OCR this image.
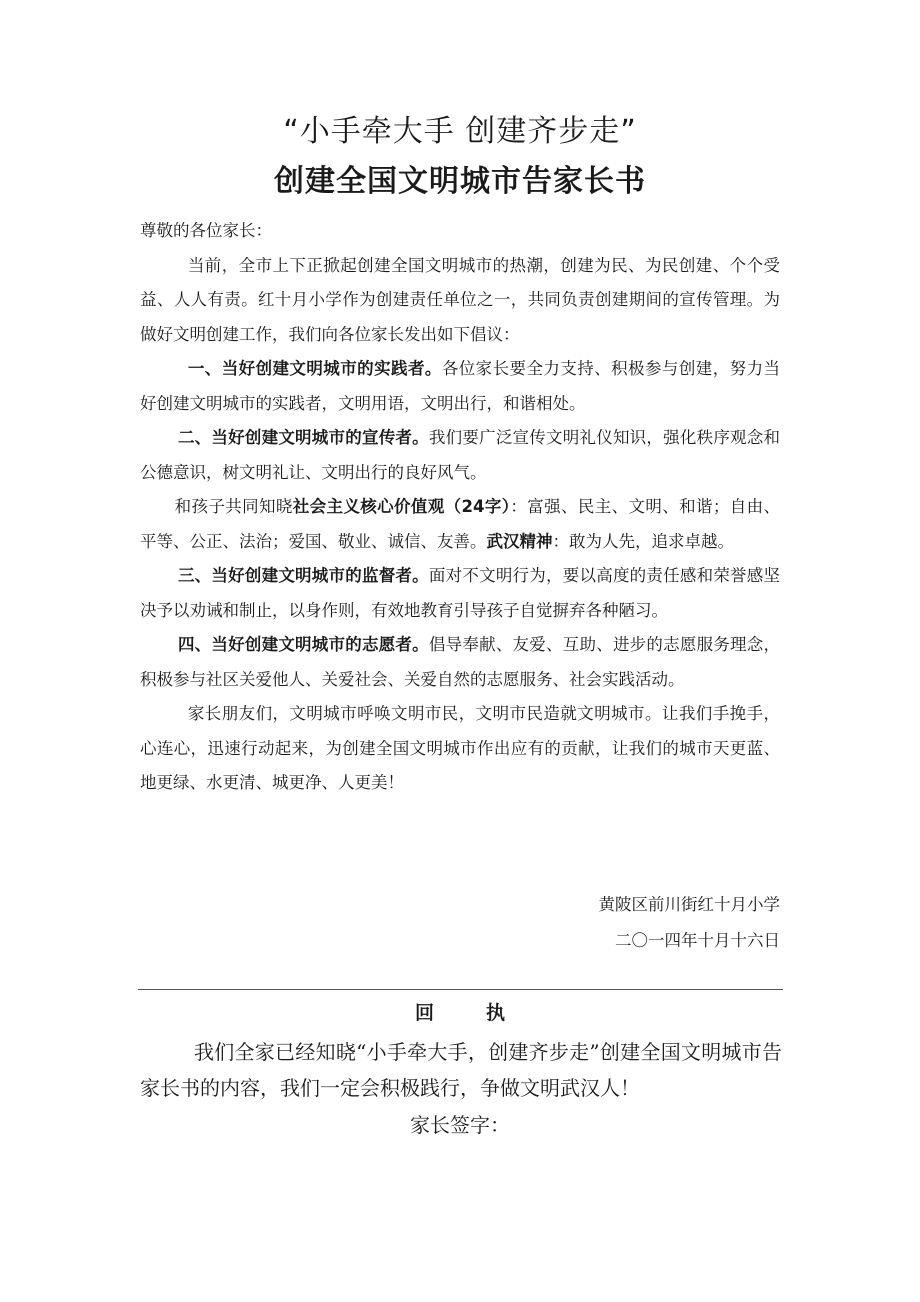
“小手牵大手 创建齐步走”
创建全国文明城市告家长书

尊敬的各位家长：

当前，全市上下正掀起创建全国文明城市的热潮，创建为民、为民创建、个个受益、人人有责。红十月小学作为创建责任单位之一，共同负责创建期间的宣传管理。为做好文明创建工作，我们向各位家长发出如下倡议：

一、当好创建文明城市的实践者。各位家长要全力支持、积极参与创建，努力当好创建文明城市的实践者，文明用语，文明出行，和谐相处。

二、当好创建文明城市的宣传者。我们要广泛宣传文明礼仪知识，强化秩序观念和公德意识，树文明礼让、文明出行的良好风气。

和孩子共同知晓社会主义核心价值观（24字）：富强、民主、文明、和谐；自由、平等、公正、法治；爱国、敬业、诚信、友善。武汉精神：敢为人先，追求卓越。

三、当好创建文明城市的监督者。面对不文明行为，要以高度的责任感和荣誉感坚决予以劝诫和制止，以身作则，有效地教育引导孩子自觉摒弃各种陋习。

四、当好创建文明城市的志愿者。倡导奉献、友爱、互助、进步的志愿服务理念，积极参与社区关爱他人、关爱社会、关爱自然的志愿服务、社会实践活动。

家长朋友们，文明城市呼唤文明市民，文明市民造就文明城市。让我们手挽手，心连心，迅速行动起来，为创建全国文明城市作出应有的贡献，让我们的城市天更蓝、地更绿、水更清、城更净、人更美！

黄陂区前川街红十月小学
二〇一四年十月十六日
回执

我们全家已经知晓“小手牵大手，创建齐步走”创建全国文明城市告家长书的内容，我们一定会积极践行，争做文明武汉人！

家长签字：
